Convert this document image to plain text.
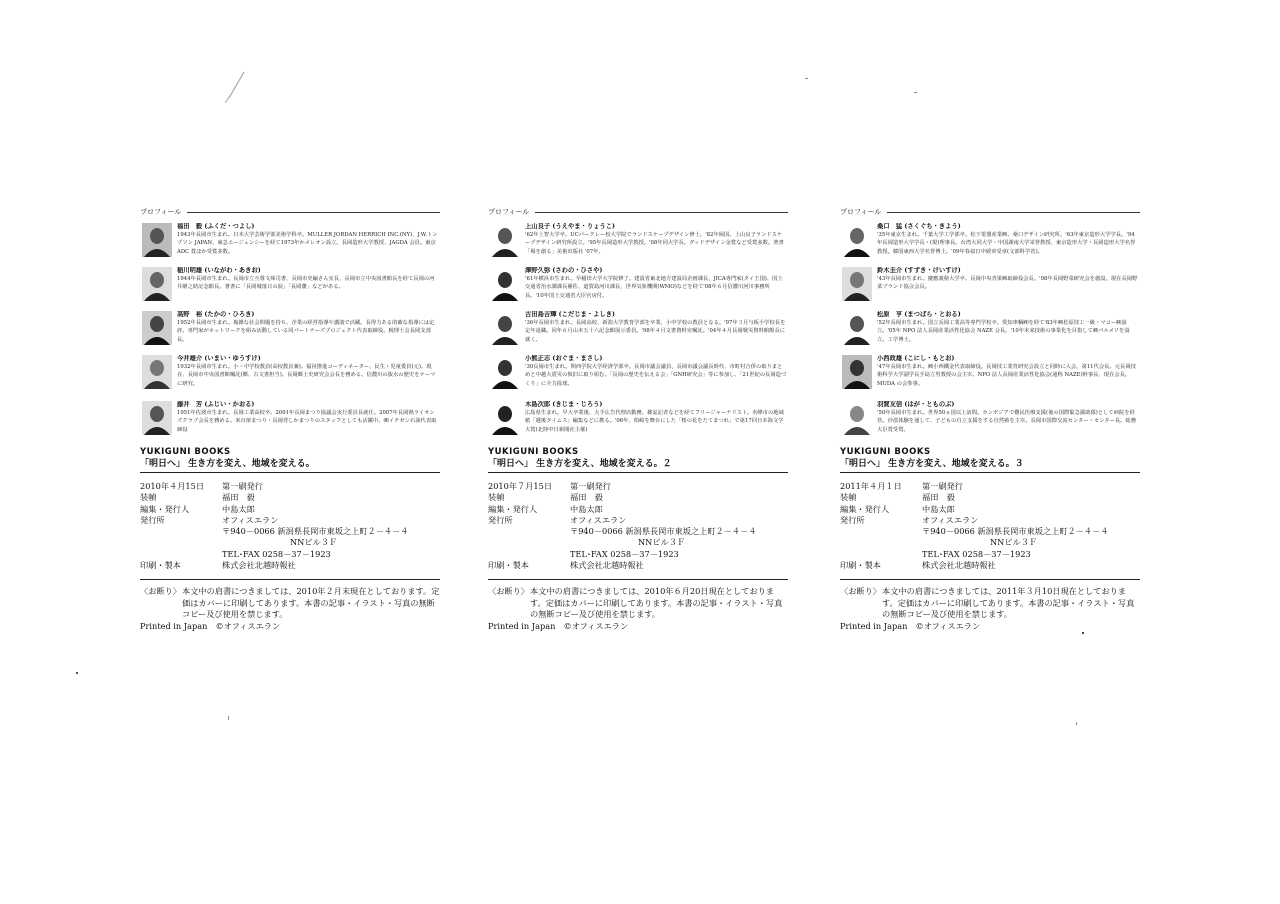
プロフィール
福田　毅 (ふくだ・つよし)
1943年長岡市生まれ。日本大学芸術学部美術学科卒。MULLER JORDAN HERRICH INC.(NY)、J.W.トンプソン JAPAN、東急エージェンシーを経て1973年かメレオン設立。長岡造形大学教授、JAGDA 会員。東京 ADC 賞ほか受賞多数。
稲川明雄 (いながわ・あきお)
1944年長岡市生まれ。長岡市立互尊文庫司書、長岡市史編さん室長、長岡市立中央図書館長を経て長岡の河井継之助記念館長。著書に「長岡城落日の涙」「長岡藩」などがある。
高野　裕 (たかの・ひろき)
1952年長岡市生まれ。複雑な社会問題を持ち、企業の経営指導や講演で活躍。長得力ある的確な指導には定評。専門家がネットワークを組み活動している同パートナーズプロジェクト代表取締役。税理士会長岡支部長。
今井雄介 (いまい・ゆうすけ)
1932年長岡市生まれ。小・中学校教員(高校教員兼)。福祉推進コーディネーター、民生・児童委員(元)。現在、長岡市中央図書館嘱託(郷、古文書担当)。長岡郷土史研究会会長を務める。信濃川の抜水の歴史をテーマに研究。
藤井　芳 (ふじい・かおる)
1951年佐渡市生まれ。長岡工業高校卒。2001年長岡まつり協議会実行委員長就任。2007年長岡熱ライオンズクラブ会長を務める。米百俵まつり・長岡背しかまつりのスタッフとしても活躍中。㈱イチゼン石油代表取締役
YUKIGUNI BOOKS
「明日へ」 生き方を変え、地域を変える。
2010年４月15日	第一刷発行
装幀	福田　毅
編集・発行人	中島太郎
発行所	オフィスエラン
〒940－0066 新潟県長岡市東坂之上町２－４－４
NNビル３Ｆ
TEL･FAX 0258－37－1923
印刷・製本	株式会社北越時報社
〈お断り〉 本文中の肩書につきましては、2010年２月末現在としております。定価はカバーに印刷してあります。本書の記事・イラスト・写真の無断コピー及び使用を禁じます。
Printed in Japan　©オフィスエラン
プロフィール
上山良子 (うえやま・りょうこ)
'62年上智大学卒。UCバークレー校大学院でランドスケープデザイン修士。'82年帰国。上山良子ランドスケープデザイン研究所設立。'95年長岡造形大学教授。'08年同大学長。グッドデザイン金賞など受賞多数。著書「場を創る」美術出版社 '07年。
澤野久弥 (さわの・ひさや)
'61年横浜市生まれ。早稲田大学大学院修了。建設省東北地方建設局企画課長、JICA専門家(タイ王国)、国土交通省治水課課長補佐、道賀島河川課長、世界気象機関(WMO)などを経て'08年６月信濃川河川事務所長。'10年国土交通省大臣官房付。
古田島吉輝 (こだじま・よしき)
'36年長岡市生まれ。長岡高校、新潟大学教育学部を卒業、小中学校の教員となる。'97年３月与板小学校長を定年退職。同年６月山本五十六記念館展示委員。'98年４月文書資料室嘱託。'04年４月長岡戦災資料館館長に就く。
小熊正志 (おぐま・まさし)
'30長岡市生まれ。関西学院大学経済学部卒。長岡市議会議員、長岡市議会議長時代、市町村合併の取りまとめと中越大震災の復旧に取り組む。「長岡の歴史を伝える会」「GNH研究会」等に参加し、「21世紀の長岡造づくり」に全力投球。
木島次郎 (きじま・じろう)
広島県生まれ。早大卒業後、大手広告代理店勤務。雑誌記者などを経てフリージャーナリスト。名峰市の地域紙「越後タイムス」編集などに携る。'06年、柏崎を舞台にした「桜の花をたてまつれ」で第17回日本海文学大賞(北陸中日新聞社主催)
YUKIGUNI BOOKS
「明日へ」 生き方を変え、地域を変える。２
2010年７月15日	第一刷発行
装幀	福田　毅
編集・発行人	中島太郎
発行所	オフィスエラン
〒940－0066 新潟県長岡市東坂之上町２－４－４
NNビル３Ｆ
TEL･FAX 0258－37－1923
印刷・製本	株式会社北越時報社
〈お断り〉 本文中の肩書につきましては、2010年６月20日現在としております。定価はカバーに印刷してあります。本書の記事・イラスト・写真の無断コピー及び使用を禁じます。
Printed in Japan　©オフィスエラン
プロフィール
桑口　猛 (さくぐち・きよう)
'35年東京生まれ。千葉大学工学部卒。松下電器産業㈱、桑口デザイン研究所。'63年東京造形大学学長。'94年長岡造形大学学長・(現)理事長。台湾大同大学・中国湖南大学栄誉教授、東京造形大学・長岡造形大学名誉教授。韓国東西大学名誉博士。'09年春叙日中綬章受章(文部科学省)。
鈴木圭介 (すずき・けいすけ)
'43年長岡市生まれ。慶應義塾大学卒。長岡中央青果㈱取締役会長。'98年長岡野菜研究会を創設。現在長岡野菜ブランド協会会長。
松原　亨 (まつばら・とおる)
'52年長岡市生まれ。国立長岡工業高等専門学校卒。愛知車輌㈱を経て'83年㈱松原技工一級・マコー㈱設立。'05年 NPO 法人長岡産業活性化協会 NAZE 会長。'10年未来技術の事業化を目指して㈱パルメソを設立。工学博士。
小西政雄 (こにし・もとお)
'47年長岡市生まれ。㈱小西鐵金代表取締役。長岡技工業育研究会設立と同時に入会、第11代会長。元長岡技術科学大学副学長手島立男教授の会主宰。NPO 法人長岡産業活性化協会(通称 NAZE)幹事長、現在会長。MUDA の会参事。
羽賀友信 (はが・とものぶ)
'50年長岡市生まれ。世界50ヵ国以上訪問。カンボジアで難民医療支援(後の国際緊急援助隊)として病院を経営。沙漠体験を通して、子どもの自立支援をする自然塾を主宰。長岡市国際交流センター・センター長。総務大臣賞受賞。
YUKIGUNI BOOKS
「明日へ」 生き方を変え、地域を変える。３
2011年４月１日	第一刷発行
装幀	福田　毅
編集・発行人	中島太郎
発行所	オフィスエラン
〒940－0066 新潟県長岡市東坂之上町２－４－４
NNビル３Ｆ
TEL･FAX 0258－37－1923
印刷・製本	株式会社北越時報社
〈お断り〉 本文中の肩書につきましては、2011年３月10日現在としております。定価はカバーに印刷してあります。本書の記事・イラスト・写真の無断コピー及び使用を禁じます。
Printed in Japan　©オフィスエラン
